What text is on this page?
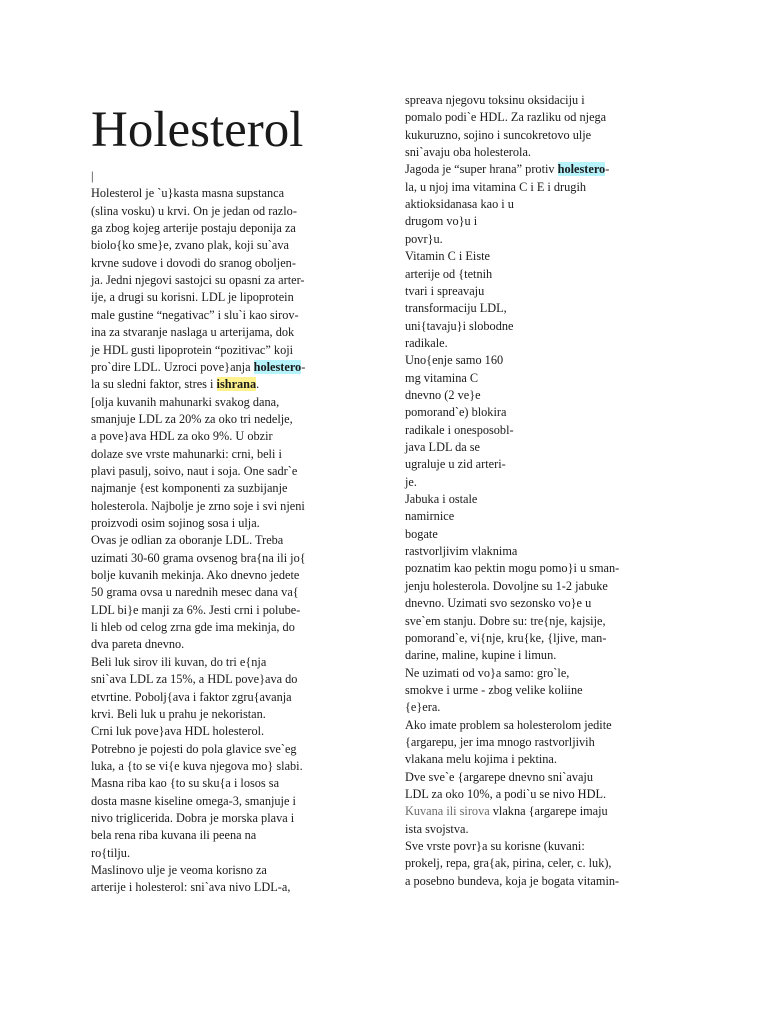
Holesterol
|
Holesterol je `u}kasta masna supstanca
(slina vosku) u krvi. On je jedan od razlo-
ga zbog kojeg arterije postaju deponija za
biolo{ko sme}e, zvano plak, koji su`ava
krvne sudove i dovodi do sranog oboljen-
ja. Jedni njegovi sastojci su opasni za arter-
ije, a drugi su korisni. LDL je lipoprotein
male gustine “negativac” i slu`i kao sirov-
ina za stvaranje naslaga u arterijama, dok
je HDL gusti lipoprotein “pozitivac” koji
pro`dire LDL. Uzroci pove}anja holestero-
la su sledni faktor, stres i ishrana.
[olja kuvanih mahunarki svakog dana,
smanjuje LDL za 20% za oko tri nedelje,
a pove}ava HDL za oko 9%. U obzir
dolaze sve vrste mahunarki: crni, beli i
plavi pasulj, soivo, naut i soja. One sadr`e
najmanje {est komponenti za suzbijanje
holesterola. Najbolje je zrno soje i svi njeni
proizvodi osim sojinog sosa i ulja.
Ovas je odlian za oboranje LDL. Treba
uzimati 30-60 grama ovsenog bra{na ili jo{
bolje kuvanih mekinja. Ako dnevno jedete
50 grama ovsa u narednih mesec dana va{
LDL bi}e manji za 6%. Jesti crni i polube-
li hleb od celog zrna gde ima mekinja, do
dva pareta dnevno.
Beli luk sirov ili kuvan, do tri e{nja
sni`ava LDL za 15%, a HDL pove}ava do
etvrtine. Pobolj{ava i faktor zgru{avanja
krvi. Beli luk u prahu je nekoristan.
Crni luk pove}ava HDL holesterol.
Potrebno je pojesti do pola glavice sve`eg
luka, a {to se vi{e kuva njegova mo} slabi.
Masna riba kao {to su sku{a i losos sa
dosta masne kiseline omega-3, smanjuje i
nivo triglicerida. Dobra je morska plava i
bela rena riba kuvana ili peena na
ro{tilju.
Maslinovo ulje je veoma korisno za
arterije i holesterol: sni`ava nivo LDL-a,
spreava njegovu toksinu oksidaciju i
pomalo podi`e HDL. Za razliku od njega
kukuruzno, sojino i suncokretovo ulje
sni`avaju oba holesterola.
Jagoda je “super hrana” protiv holestero-
la, u njoj ima vitamina C i E i drugih
aktioksidanasa kao i u
drugom vo}u i
povr}u.
Vitamin C i Eiste
arterije od {tetnih
tvari i spreavaju
transformaciju LDL,
uni{tavaju}i slobodne
radikale.
Uno{enje samo 160
mg vitamina C
dnevno (2 ve}e
pomorand`e) blokira
radikale i onesposobl-
java LDL da se
ugraluje u zid arteri-
je.
Jabuka i ostale
namirnice
bogate
rastvorljivim vlaknima
poznatim kao pektin mogu pomo}i u sman-
jenju holesterola. Dovoljne su 1-2 jabuke
dnevno. Uzimati svo sezonsko vo}e u
sve`em stanju. Dobre su: tre{nje, kajsije,
pomorand`e, vi{nje, kru{ke, {ljive, man-
darine, maline, kupine i limun.
Ne uzimati od vo}a samo: gro`le,
smokve i urme - zbog velike koliine
{e}era.
Ako imate problem sa holesterolom jedite
{argarepu, jer ima mnogo rastvorljivih
vlakana melu kojima i pektina.
Dve sve`e {argarepe dnevno sni`avaju
LDL za oko 10%, a podi`u se nivo HDL.
Kuvana ili sirova vlakna {argarepe imaju
ista svojstva.
Sve vrste povr}a su korisne (kuvani:
prokelj, repa, gra{ak, pirina, celer, c. luk),
a posebno bundeva, koja je bogata vitamin-
